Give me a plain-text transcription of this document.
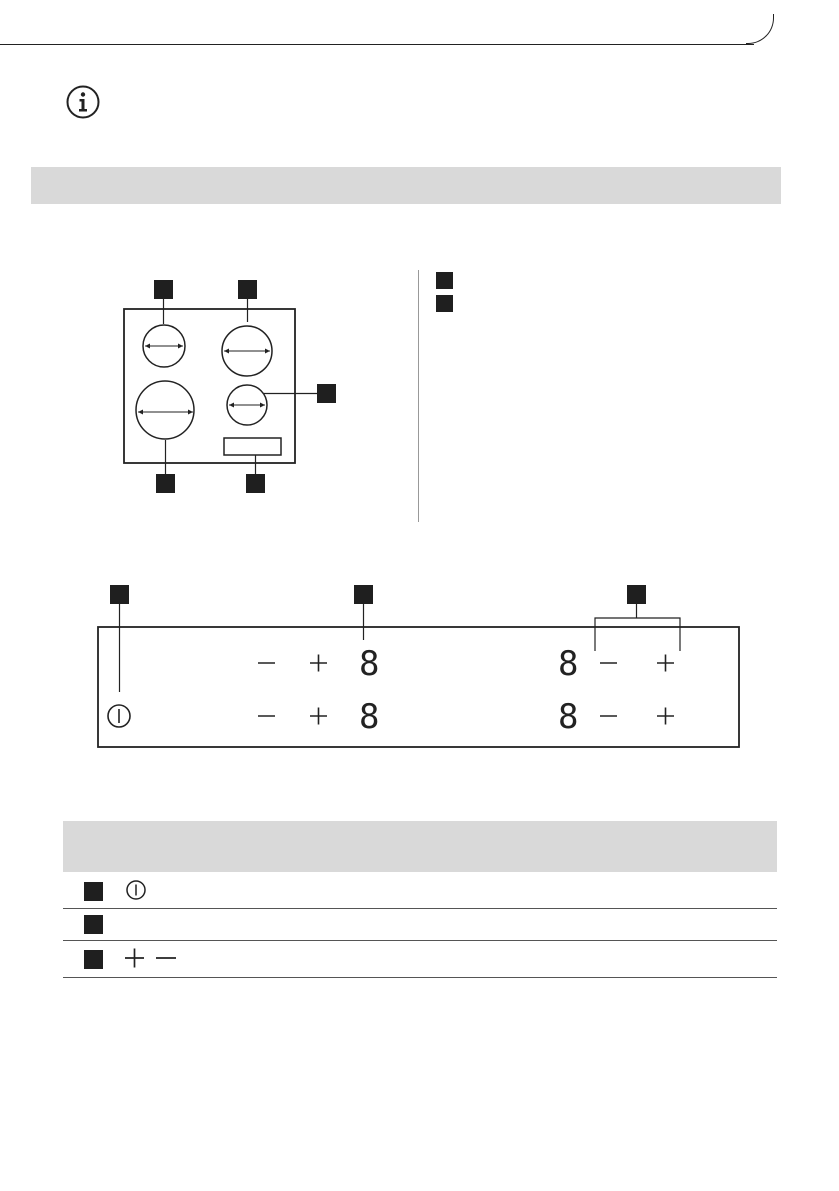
8	8
8	8
